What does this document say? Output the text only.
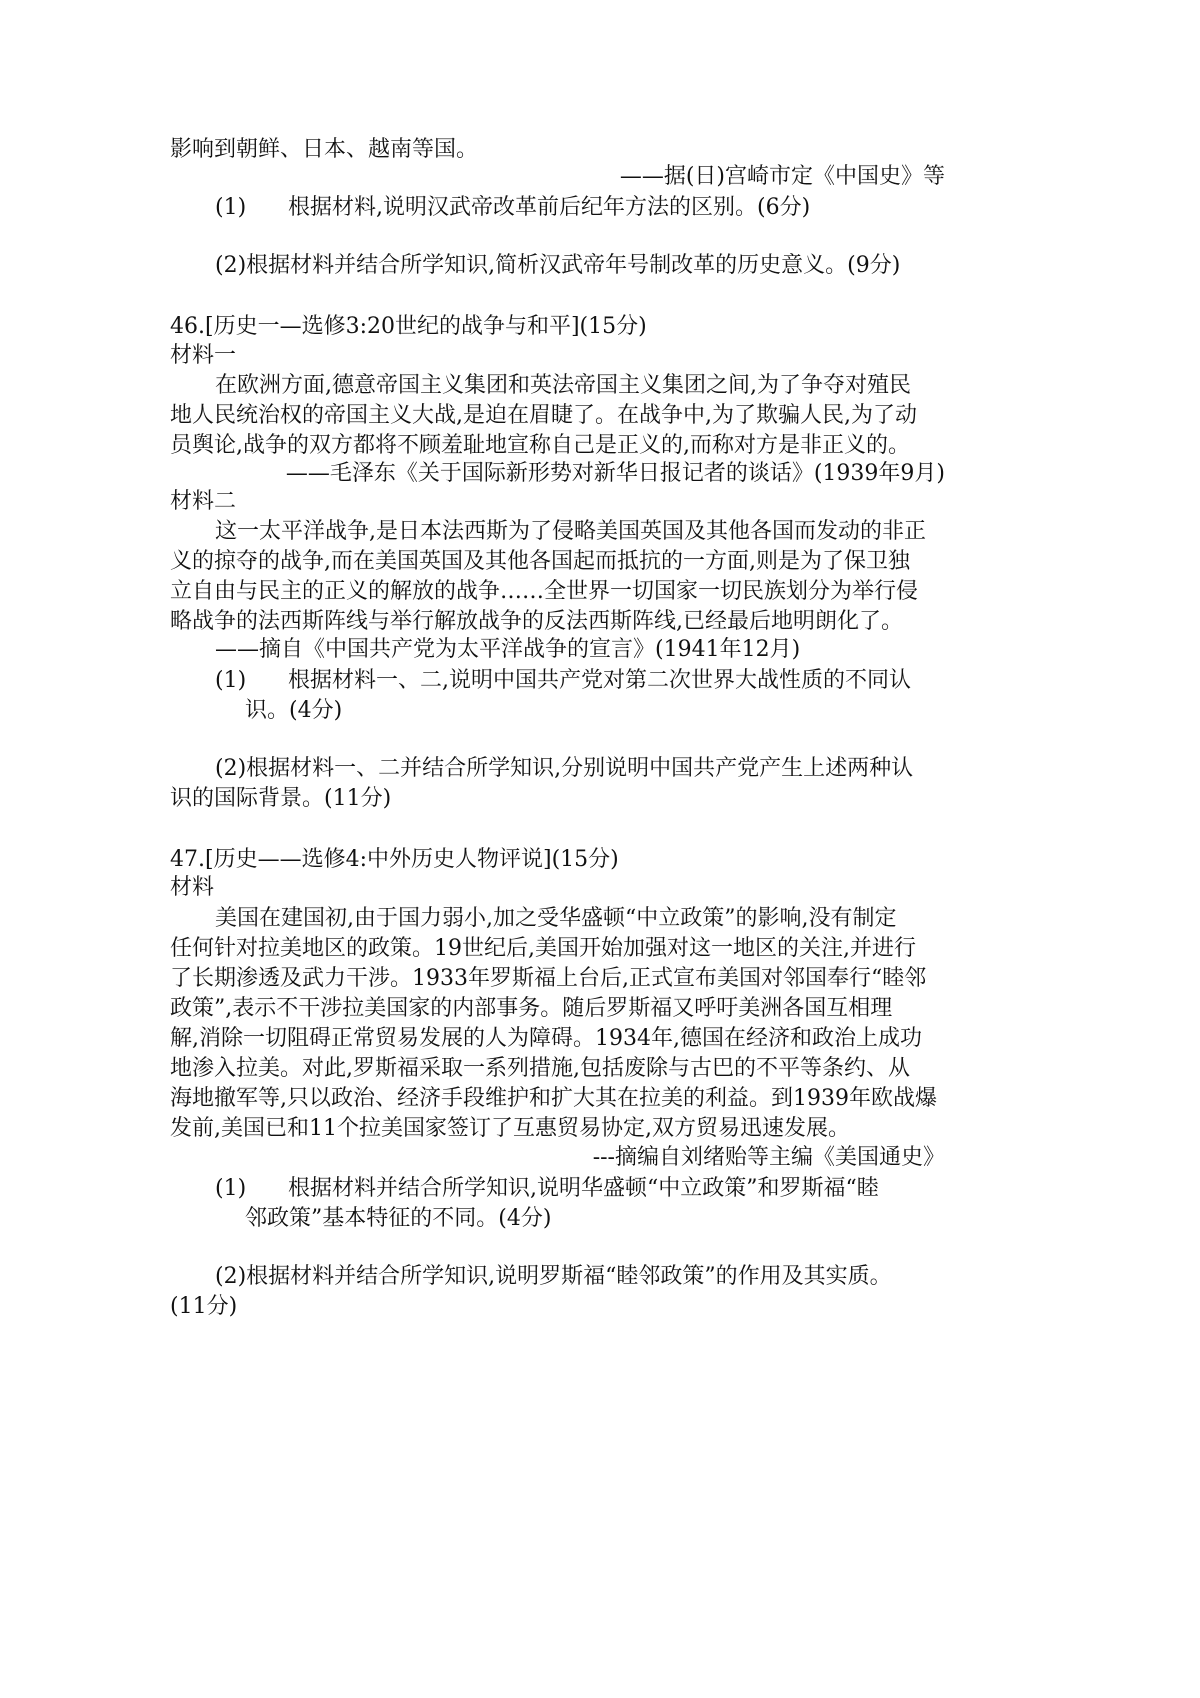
影响到朝鲜、日本、越南等国。
——据(日)宫崎市定《中国史》等
(1) 根据材料,说明汉武帝改革前后纪年方法的区别。(6分)
(2)根据材料并结合所学知识,简析汉武帝年号制改革的历史意义。(9分)
46.[历史一—选修3:20世纪的战争与和平](15分)
材料一
在欧洲方面,德意帝国主义集团和英法帝国主义集团之间,为了争夺对殖民
地人民统治权的帝国主义大战,是迫在眉睫了。在战争中,为了欺骗人民,为了动
员舆论,战争的双方都将不顾羞耻地宣称自己是正义的,而称对方是非正义的。
——毛泽东《关于国际新形势对新华日报记者的谈话》(1939年9月)
材料二
这一太平洋战争,是日本法西斯为了侵略美国英国及其他各国而发动的非正
义的掠夺的战争,而在美国英国及其他各国起而抵抗的一方面,则是为了保卫独
立自由与民主的正义的解放的战争……全世界一切国家一切民族划分为举行侵
略战争的法西斯阵线与举行解放战争的反法西斯阵线,已经最后地明朗化了。
——摘自《中国共产党为太平洋战争的宣言》(1941年12月)
(1) 根据材料一、二,说明中国共产党对第二次世界大战性质的不同认
识。(4分)
(2)根据材料一、二并结合所学知识,分别说明中国共产党产生上述两种认
识的国际背景。(11分)
47.[历史——选修4:中外历史人物评说](15分)
材料
美国在建国初,由于国力弱小,加之受华盛顿“中立政策”的影响,没有制定
任何针对拉美地区的政策。19世纪后,美国开始加强对这一地区的关注,并进行
了长期渗透及武力干涉。1933年罗斯福上台后,正式宣布美国对邻国奉行“睦邻
政策”,表示不干涉拉美国家的内部事务。随后罗斯福又呼吁美洲各国互相理
解,消除一切阻碍正常贸易发展的人为障碍。1934年,德国在经济和政治上成功
地渗入拉美。对此,罗斯福采取一系列措施,包括废除与古巴的不平等条约、从
海地撤军等,只以政治、经济手段维护和扩大其在拉美的利益。到1939年欧战爆
发前,美国已和11个拉美国家签订了互惠贸易协定,双方贸易迅速发展。
---摘编自刘绪贻等主编《美国通史》
(1) 根据材料并结合所学知识,说明华盛顿“中立政策”和罗斯福“睦
邻政策”基本特征的不同。(4分)
(2)根据材料并结合所学知识,说明罗斯福“睦邻政策”的作用及其实质。
(11分)
